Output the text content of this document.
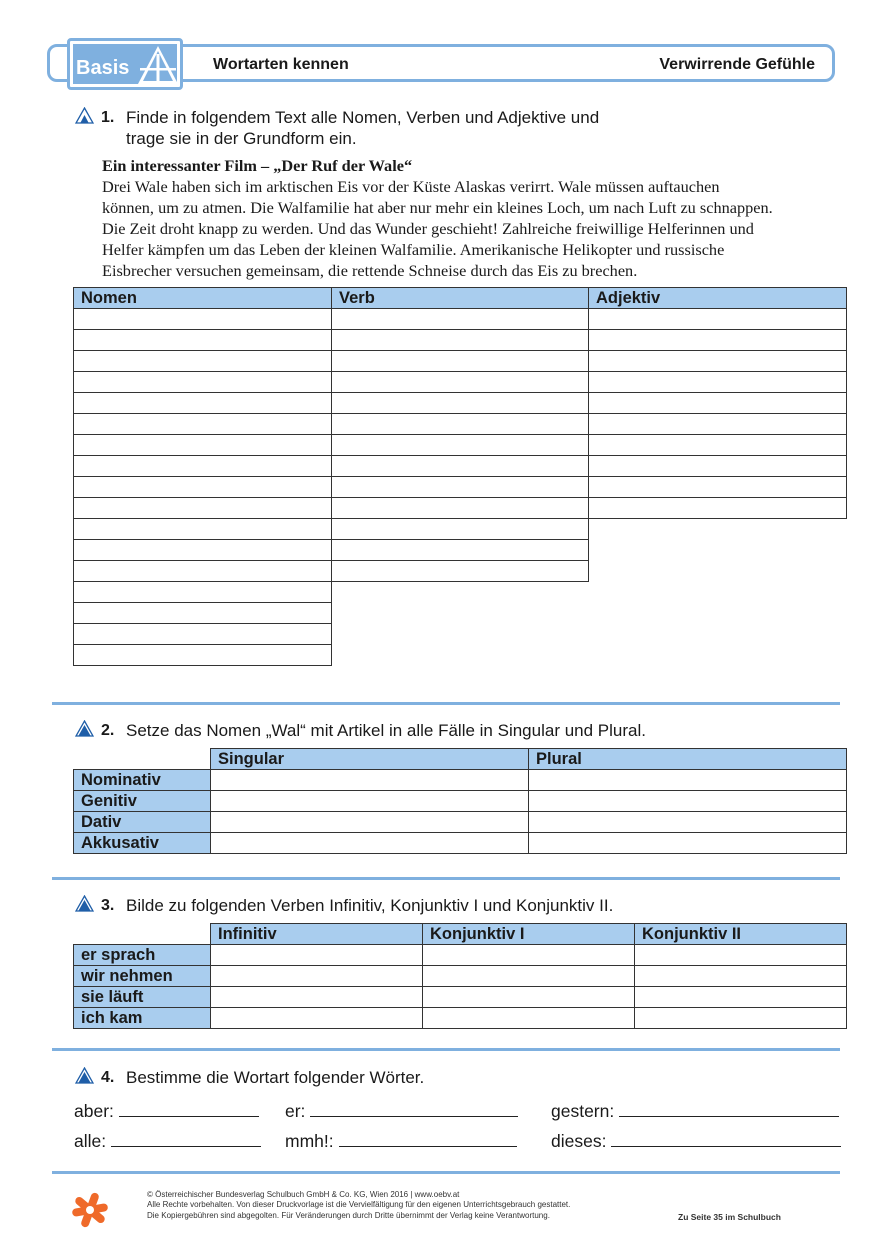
Basis	Wortarten kennen	Verwirrende Gefühle
1. Finde in folgendem Text alle Nomen, Verben und Adjektive und
trage sie in der Grundform ein.
Ein interessanter Film – „Der Ruf der Wale“
Drei Wale haben sich im arktischen Eis vor der Küste Alaskas verirrt. Wale müssen auftauchen
können, um zu atmen. Die Walfamilie hat aber nur mehr ein kleines Loch, um nach Luft zu schnappen.
Die Zeit droht knapp zu werden. Und das Wunder geschieht! Zahlreiche freiwillige Helferinnen und
Helfer kämpfen um das Leben der kleinen Walfamilie. Amerikanische Helikopter und russische
Eisbrecher versuchen gemeinsam, die rettende Schneise durch das Eis zu brechen.
Nomen	Verb	Adjektiv

2. Setze das Nomen „Wal“ mit Artikel in alle Fälle in Singular und Plural.
	Singular	Plural
Nominativ		
Genitiv		
Dativ		
Akkusativ		
3. Bilde zu folgenden Verben Infinitiv, Konjunktiv I und Konjunktiv II.
	Infinitiv	Konjunktiv I	Konjunktiv II
er sprach			
wir nehmen			
sie läuft			
ich kam			
4. Bestimme die Wortart folgender Wörter.
aber:	er:	gestern:
alle:	mmh!:	dieses:
© Österreichischer Bundesverlag Schulbuch GmbH & Co. KG, Wien 2016 | www.oebv.at
Alle Rechte vorbehalten. Von dieser Druckvorlage ist die Vervielfältigung für den eigenen Unterrichtsgebrauch gestattet.
Die Kopiergebühren sind abgegolten. Für Veränderungen durch Dritte übernimmt der Verlag keine Verantwortung.	Zu Seite 35 im Schulbuch
